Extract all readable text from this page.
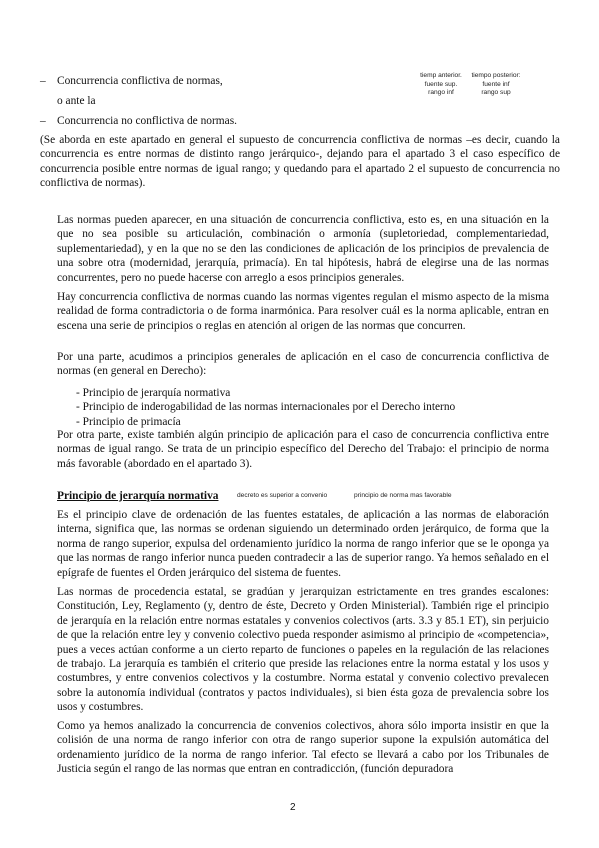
– Concurrencia conflictiva de normas,
o ante la
– Concurrencia no conflictiva de normas.
tiemp anterior.
fuente sup.
rango inf
tiempo posterior:
fuente inf
rango sup
(Se aborda en este apartado en general el supuesto de concurrencia conflictiva de normas –es decir, cuando la concurrencia es entre normas de distinto rango jerárquico-, dejando para el apartado 3 el caso específico de concurrencia posible entre normas de igual rango; y quedando para el apartado 2 el supuesto de concurrencia no conflictiva de normas).
Las normas pueden aparecer, en una situación de concurrencia conflictiva, esto es, en una situación en la que no sea posible su articulación, combinación o armonía (supletoriedad, complementariedad, suplementariedad), y en la que no se den las condiciones de aplicación de los principios de prevalencia de una sobre otra (modernidad, jerarquía, primacía). En tal hipótesis, habrá de elegirse una de las normas concurrentes, pero no puede hacerse con arreglo a esos principios generales.
Hay concurrencia conflictiva de normas cuando las normas vigentes regulan el mismo aspecto de la misma realidad de forma contradictoria o de forma inarmónica. Para resolver cuál es la norma aplicable, entran en escena una serie de principios o reglas en atención al origen de las normas que concurren.
Por una parte, acudimos a principios generales de aplicación en el caso de concurrencia conflictiva de normas (en general en Derecho):
- Principio de jerarquía normativa
- Principio de inderogabilidad de las normas internacionales por el Derecho interno
- Principio de primacía
Por otra parte, existe también algún principio de aplicación para el caso de concurrencia conflictiva entre normas de igual rango. Se trata de un principio específico del Derecho del Trabajo: el principio de norma más favorable (abordado en el apartado 3).
Principio de jerarquía normativa	decreto es superior a convenio	principio de norma mas favorable
Es el principio clave de ordenación de las fuentes estatales, de aplicación a las normas de elaboración interna, significa que, las normas se ordenan siguiendo un determinado orden jerárquico, de forma que la norma de rango superior, expulsa del ordenamiento jurídico la norma de rango inferior que se le oponga ya que las normas de rango inferior nunca pueden contradecir a las de superior rango. Ya hemos señalado en el epígrafe de fuentes el Orden jerárquico del sistema de fuentes.
Las normas de procedencia estatal, se gradúan y jerarquizan estrictamente en tres grandes escalones: Constitución, Ley, Reglamento (y, dentro de éste, Decreto y Orden Ministerial). También rige el principio de jerarquía en la relación entre normas estatales y convenios colectivos (arts. 3.3 y 85.1 ET), sin perjuicio de que la relación entre ley y convenio colectivo pueda responder asimismo al principio de «competencia», pues a veces actúan conforme a un cierto reparto de funciones o papeles en la regulación de las relaciones de trabajo. La jerarquía es también el criterio que preside las relaciones entre la norma estatal y los usos y costumbres, y entre convenios colectivos y la costumbre. Norma estatal y convenio colectivo prevalecen sobre la autonomía individual (contratos y pactos individuales), si bien ésta goza de prevalencia sobre los usos y costumbres.
Como ya hemos analizado la concurrencia de convenios colectivos, ahora sólo importa insistir en que la colisión de una norma de rango inferior con otra de rango superior supone la expulsión automática del ordenamiento jurídico de la norma de rango inferior. Tal efecto se llevará a cabo por los Tribunales de Justicia según el rango de las normas que entran en contradicción, (función depuradora
2
